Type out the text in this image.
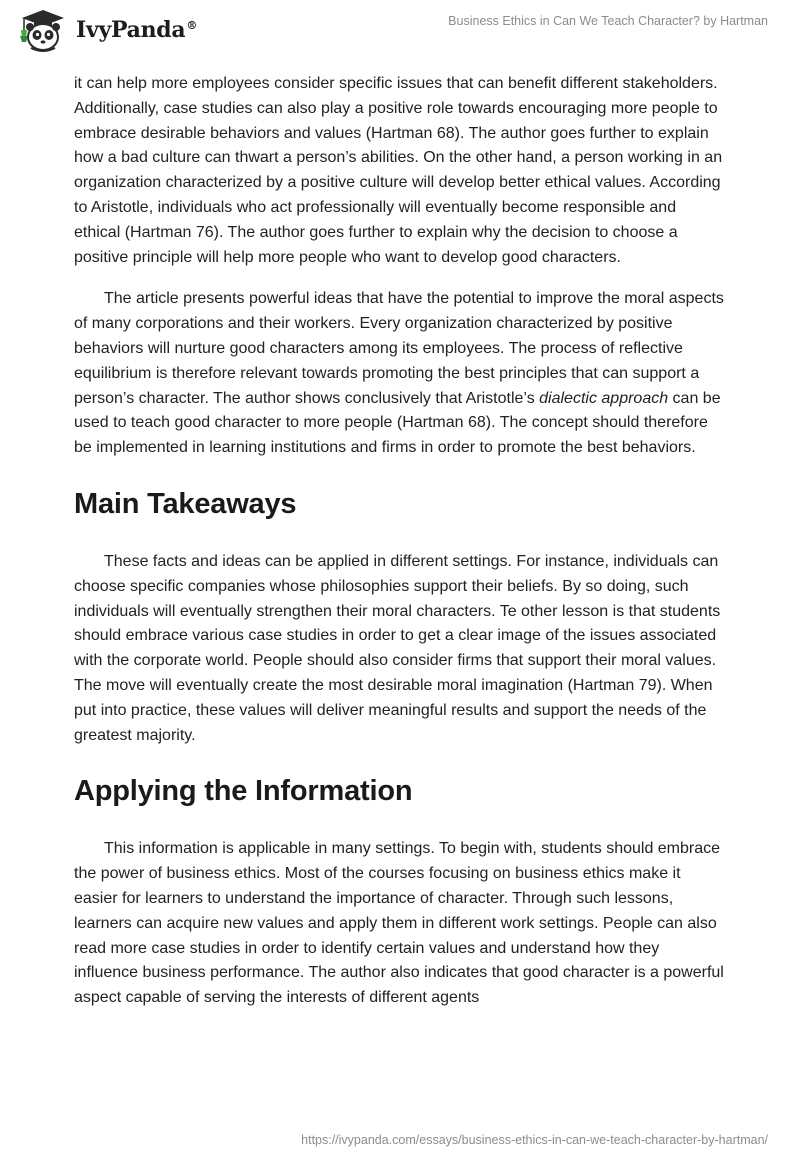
IvyPanda®	Business Ethics in Can We Teach Character? by Hartman

it can help more employees consider specific issues that can benefit different stakeholders. Additionally, case studies can also play a positive role towards encouraging more people to embrace desirable behaviors and values (Hartman 68). The author goes further to explain how a bad culture can thwart a person’s abilities. On the other hand, a person working in an organization characterized by a positive culture will develop better ethical values. According to Aristotle, individuals who act professionally will eventually become responsible and ethical (Hartman 76). The author goes further to explain why the decision to choose a positive principle will help more people who want to develop good characters.

The article presents powerful ideas that have the potential to improve the moral aspects of many corporations and their workers. Every organization characterized by positive behaviors will nurture good characters among its employees. The process of reflective equilibrium is therefore relevant towards promoting the best principles that can support a person’s character. The author shows conclusively that Aristotle’s dialectic approach can be used to teach good character to more people (Hartman 68). The concept should therefore be implemented in learning institutions and firms in order to promote the best behaviors.

Main Takeaways

These facts and ideas can be applied in different settings. For instance, individuals can choose specific companies whose philosophies support their beliefs. By so doing, such individuals will eventually strengthen their moral characters. Te other lesson is that students should embrace various case studies in order to get a clear image of the issues associated with the corporate world. People should also consider firms that support their moral values. The move will eventually create the most desirable moral imagination (Hartman 79). When put into practice, these values will deliver meaningful results and support the needs of the greatest majority.

Applying the Information

This information is applicable in many settings. To begin with, students should embrace the power of business ethics. Most of the courses focusing on business ethics make it easier for learners to understand the importance of character. Through such lessons, learners can acquire new values and apply them in different work settings. People can also read more case studies in order to identify certain values and understand how they influence business performance. The author also indicates that good character is a powerful aspect capable of serving the interests of different agents

https://ivypanda.com/essays/business-ethics-in-can-we-teach-character-by-hartman/
